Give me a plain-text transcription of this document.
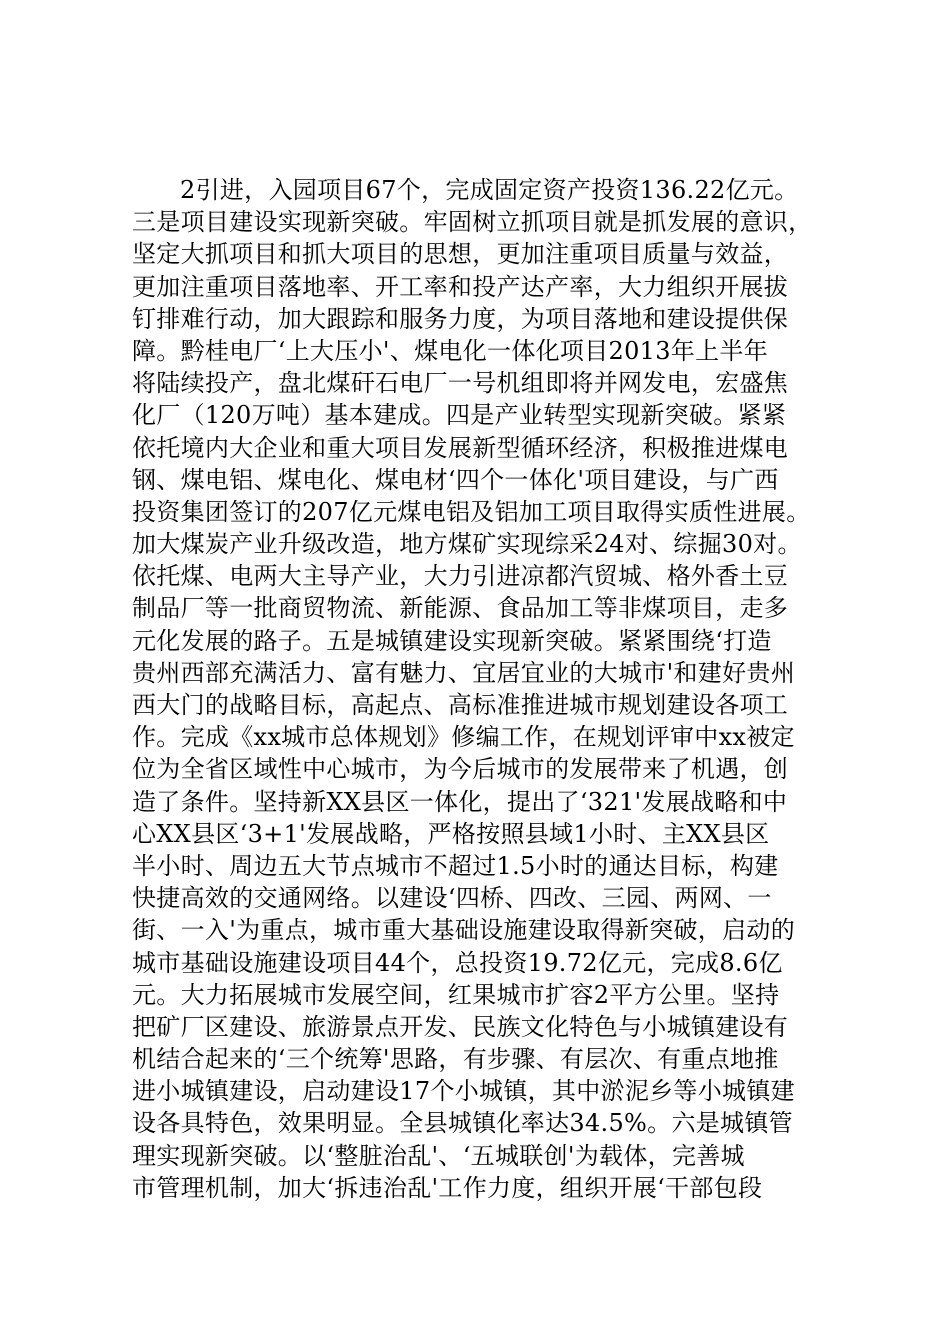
2引进，入园项目67个，完成固定资产投资136.22亿元。
三是项目建设实现新突破。牢固树立抓项目就是抓发展的意识，
坚定大抓项目和抓大项目的思想，更加注重项目质量与效益，
更加注重项目落地率、开工率和投产达产率，大力组织开展拔
钉排难行动，加大跟踪和服务力度，为项目落地和建设提供保
障。黔桂电厂‘上大压小'、煤电化一体化项目2013年上半年
将陆续投产，盘北煤矸石电厂一号机组即将并网发电，宏盛焦
化厂（120万吨）基本建成。四是产业转型实现新突破。紧紧
依托境内大企业和重大项目发展新型循环经济，积极推进煤电
钢、煤电铝、煤电化、煤电材‘四个一体化'项目建设，与广西
投资集团签订的207亿元煤电铝及铝加工项目取得实质性进展。
加大煤炭产业升级改造，地方煤矿实现综采24对、综掘30对。
依托煤、电两大主导产业，大力引进凉都汽贸城、格外香土豆
制品厂等一批商贸物流、新能源、食品加工等非煤项目，走多
元化发展的路子。五是城镇建设实现新突破。紧紧围绕‘打造
贵州西部充满活力、富有魅力、宜居宜业的大城市'和建好贵州
西大门的战略目标，高起点、高标准推进城市规划建设各项工
作。完成《xx城市总体规划》修编工作，在规划评审中xx被定
位为全省区域性中心城市，为今后城市的发展带来了机遇，创
造了条件。坚持新XX县区一体化，提出了‘321'发展战略和中
心XX县区‘3+1'发展战略，严格按照县域1小时、主XX县区
半小时、周边五大节点城市不超过1.5小时的通达目标，构建
快捷高效的交通网络。以建设‘四桥、四改、三园、两网、一
街、一入'为重点，城市重大基础设施建设取得新突破，启动的
城市基础设施建设项目44个，总投资19.72亿元，完成8.6亿
元。大力拓展城市发展空间，红果城市扩容2平方公里。坚持
把矿厂区建设、旅游景点开发、民族文化特色与小城镇建设有
机结合起来的‘三个统筹'思路，有步骤、有层次、有重点地推
进小城镇建设，启动建设17个小城镇，其中淤泥乡等小城镇建
设各具特色，效果明显。全县城镇化率达34.5%。六是城镇管
理实现新突破。以‘整脏治乱'、‘五城联创'为载体，完善城
市管理机制，加大‘拆违治乱'工作力度，组织开展‘干部包段
